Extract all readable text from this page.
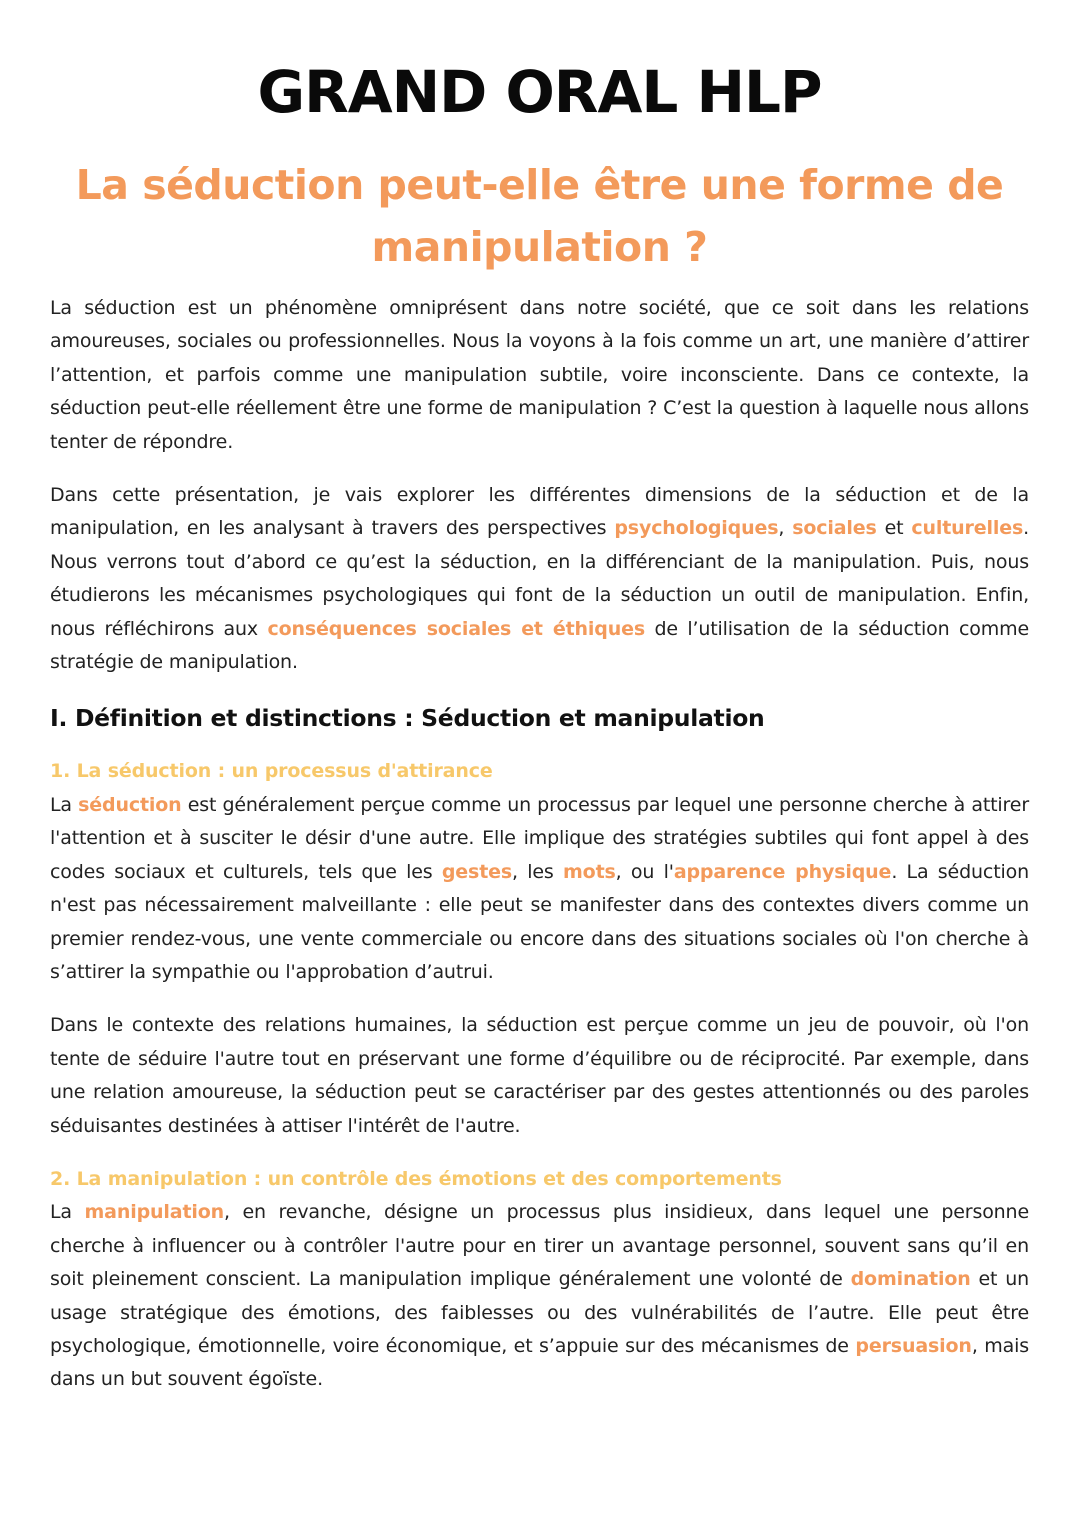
GRAND ORAL HLP
La séduction peut-elle être une forme de manipulation ?

La séduction est un phénomène omniprésent dans notre société, que ce soit dans les relations amoureuses, sociales ou professionnelles. Nous la voyons à la fois comme un art, une manière d’attirer l’attention, et parfois comme une manipulation subtile, voire inconsciente. Dans ce contexte, la séduction peut-elle réellement être une forme de manipulation ? C’est la question à laquelle nous allons tenter de répondre.

Dans cette présentation, je vais explorer les différentes dimensions de la séduction et de la manipulation, en les analysant à travers des perspectives psychologiques, sociales et culturelles. Nous verrons tout d’abord ce qu’est la séduction, en la différenciant de la manipulation. Puis, nous étudierons les mécanismes psychologiques qui font de la séduction un outil de manipulation. Enfin, nous réfléchirons aux conséquences sociales et éthiques de l’utilisation de la séduction comme stratégie de manipulation.

I. Définition et distinctions : Séduction et manipulation
1. La séduction : un processus d'attirance

La séduction est généralement perçue comme un processus par lequel une personne cherche à attirer l'attention et à susciter le désir d'une autre. Elle implique des stratégies subtiles qui font appel à des codes sociaux et culturels, tels que les gestes, les mots, ou l'apparence physique. La séduction n'est pas nécessairement malveillante : elle peut se manifester dans des contextes divers comme un premier rendez-vous, une vente commerciale ou encore dans des situations sociales où l'on cherche à s’attirer la sympathie ou l'approbation d’autrui.

Dans le contexte des relations humaines, la séduction est perçue comme un jeu de pouvoir, où l'on tente de séduire l'autre tout en préservant une forme d’équilibre ou de réciprocité. Par exemple, dans une relation amoureuse, la séduction peut se caractériser par des gestes attentionnés ou des paroles séduisantes destinées à attiser l'intérêt de l'autre.

2. La manipulation : un contrôle des émotions et des comportements

La manipulation, en revanche, désigne un processus plus insidieux, dans lequel une personne cherche à influencer ou à contrôler l'autre pour en tirer un avantage personnel, souvent sans qu’il en soit pleinement conscient. La manipulation implique généralement une volonté de domination et un usage stratégique des émotions, des faiblesses ou des vulnérabilités de l’autre. Elle peut être psychologique, émotionnelle, voire économique, et s’appuie sur des mécanismes de persuasion, mais dans un but souvent égoïste.
